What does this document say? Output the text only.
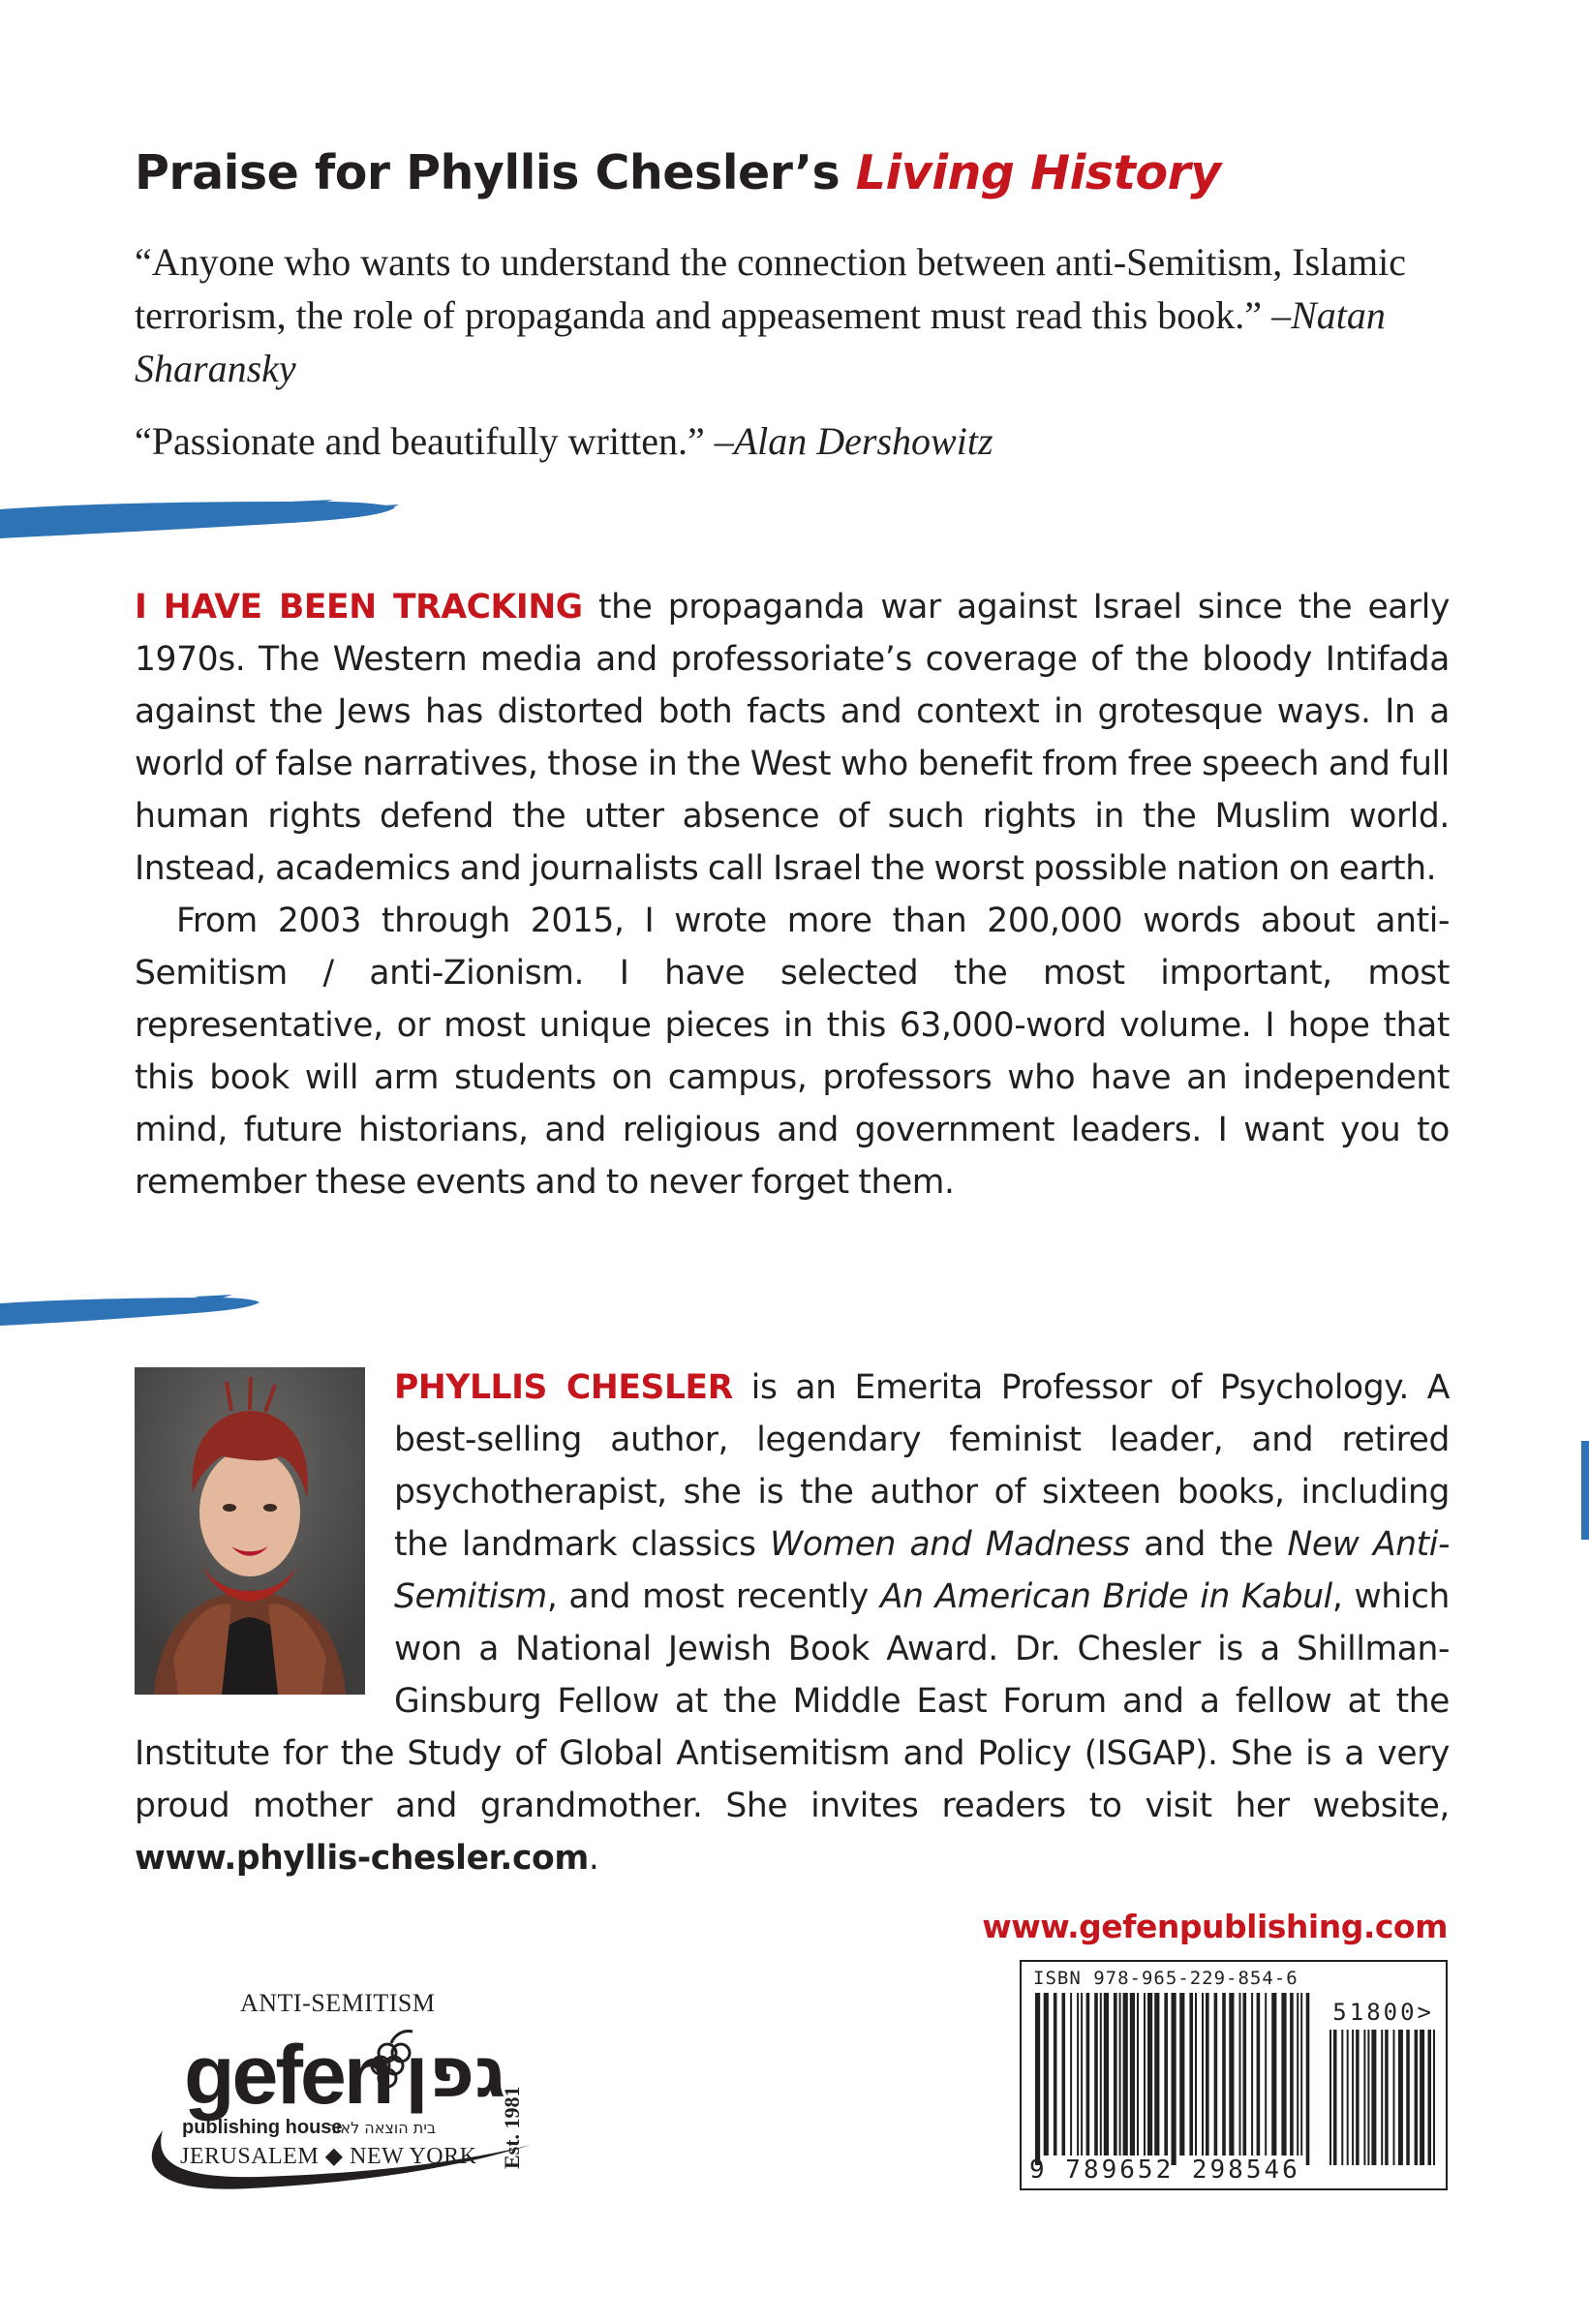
Praise for Phyllis Chesler’s Living History
“Anyone who wants to understand the connection between anti-Semitism, Islamic terrorism, the role of propaganda and appeasement must read this book.” –Natan Sharansky
“Passionate and beautifully written.” –Alan Dershowitz

I HAVE BEEN TRACKING the propaganda war against Israel since the early 1970s. The Western media and professoriate’s coverage of the bloody Intifada against the Jews has distorted both facts and context in grotesque ways. In a world of false narratives, those in the West who benefit from free speech and full human rights defend the utter absence of such rights in the Muslim world. Instead, academics and journalists call Israel the worst possible nation on earth.

From 2003 through 2015, I wrote more than 200,000 words about anti-Semitism / anti-Zionism. I have selected the most important, most representative, or most unique pieces in this 63,000-word volume. I hope that this book will arm students on campus, professors who have an independent mind, future historians, and religious and government leaders. I want you to remember these events and to never forget them.

PHYLLIS CHESLER is an Emerita Professor of Psychology. A best-selling author, legendary feminist leader, and retired psychotherapist, she is the author of sixteen books, including the landmark classics Women and Madness and the New Anti-Semitism, and most recently An American Bride in Kabul, which won a National Jewish Book Award. Dr. Chesler is a Shillman-Ginsburg Fellow at the Middle East Forum and a fellow at the Institute for the Study of Global Antisemitism and Policy (ISGAP). She is a very proud mother and grandmother. She invites readers to visit her website, www.phyllis-chesler.com.

www.gefenpublishing.com
ISBN 978-965-229-854-6
51800>
9 789652 298546
ANTI-SEMITISM
gefen גפן
publishing house
בית הוצאה לאור
JERUSALEM ◆ NEW YORK Est. 1981
